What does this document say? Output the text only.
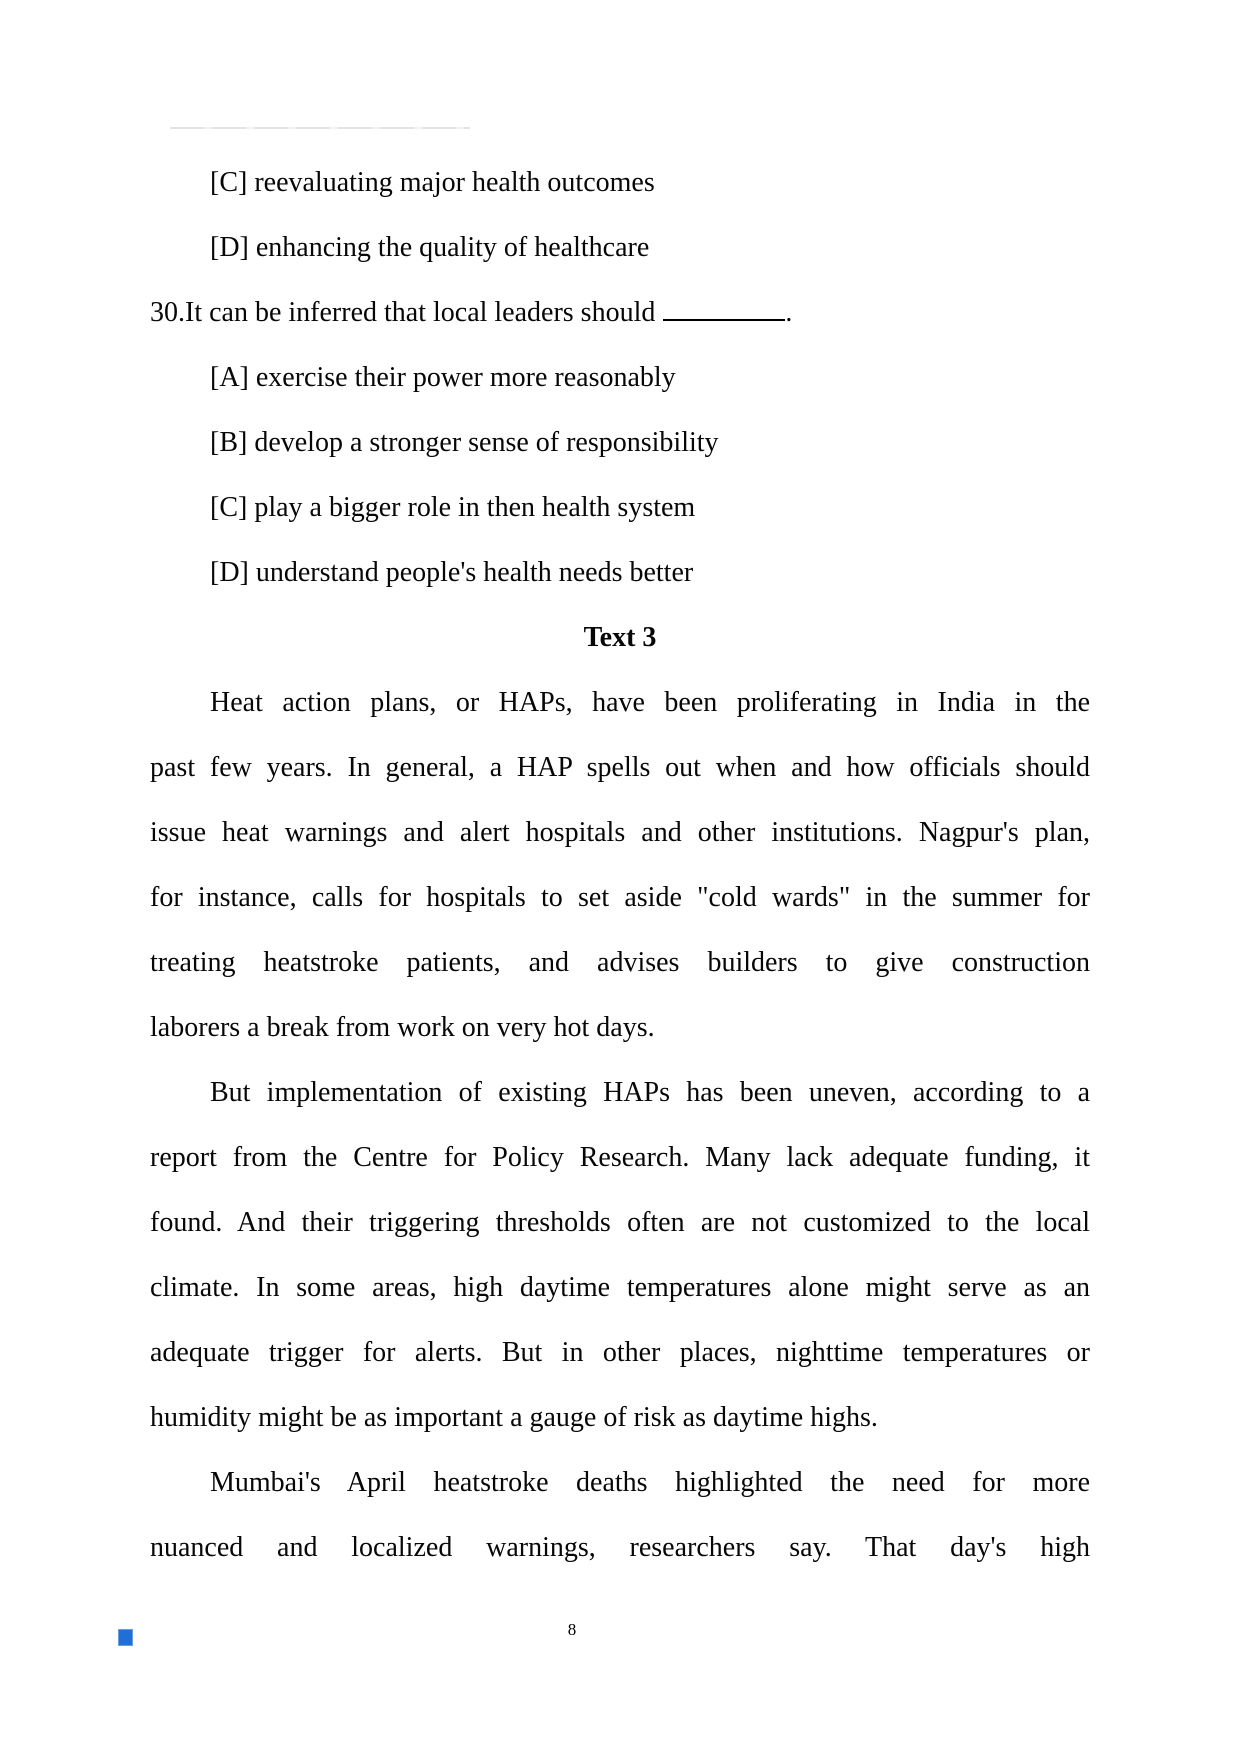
[C] reevaluating major health outcomes
[D] enhancing the quality of healthcare
30.It can be inferred that local leaders should	.
[A] exercise their power more reasonably
[B] develop a stronger sense of responsibility
[C] play a bigger role in then health system
[D] understand people's health needs better
Text 3
Heat action plans, or HAPs, have been proliferating in India in the
past few years. In general, a HAP spells out when and how officials should
issue heat warnings and alert hospitals and other institutions. Nagpur's plan,
for instance, calls for hospitals to set aside "cold wards" in the summer for
treating heatstroke patients, and advises builders to give construction
laborers a break from work on very hot days.
But implementation of existing HAPs has been uneven, according to a
report from the Centre for Policy Research. Many lack adequate funding, it
found. And their triggering thresholds often are not customized to the local
climate. In some areas, high daytime temperatures alone might serve as an
adequate trigger for alerts. But in other places, nighttime temperatures or
humidity might be as important a gauge of risk as daytime highs.
Mumbai's April heatstroke deaths highlighted the need for more
nuanced and localized warnings, researchers say. That day's high
8
